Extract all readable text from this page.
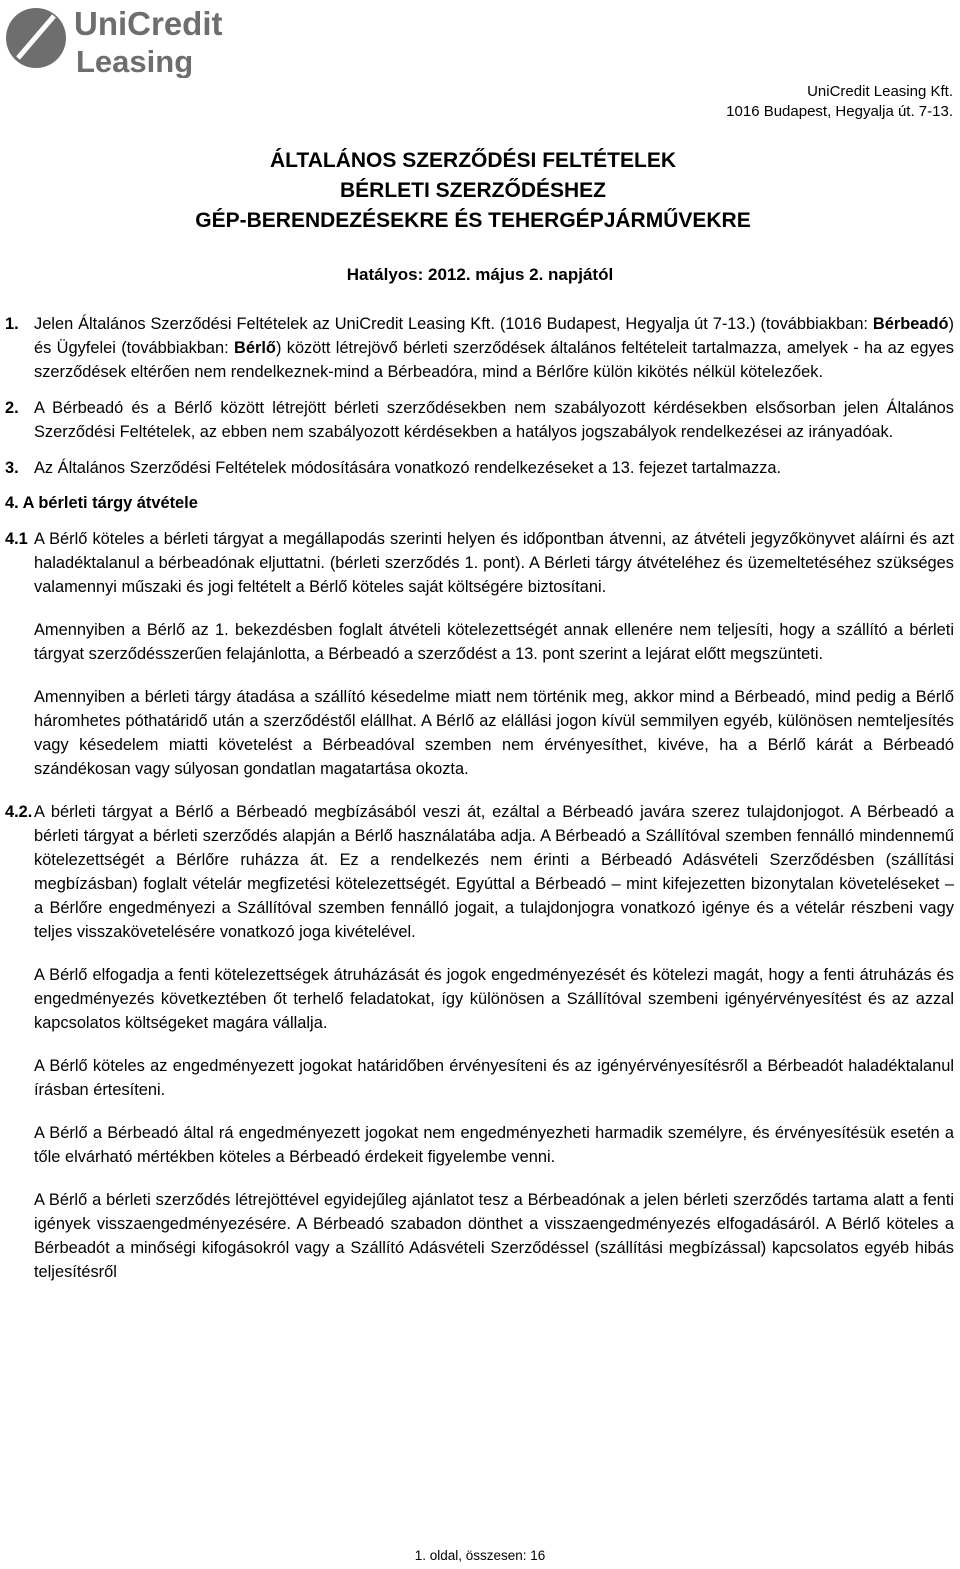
UniCredit
Leasing
UniCredit Leasing Kft.
1016 Budapest, Hegyalja út. 7-13.
ÁLTALÁNOS SZERZŐDÉSI FELTÉTELEK
BÉRLETI SZERZŐDÉSHEZ
GÉP-BERENDEZÉSEKRE ÉS TEHERGÉPJÁRMŰVEKRE
Hatályos: 2012. május 2. napjától
1. Jelen Általános Szerződési Feltételek az UniCredit Leasing Kft. (1016 Budapest, Hegyalja út 7-13.) (továbbiakban: Bérbeadó) és Ügyfelei (továbbiakban: Bérlő) között létrejövő bérleti szerződések általános feltételeit tartalmazza, amelyek - ha az egyes szerződések eltérően nem rendelkeznek-mind a Bérbeadóra, mind a Bérlőre külön kikötés nélkül kötelezőek.
2. A Bérbeadó és a Bérlő között létrejött bérleti szerződésekben nem szabályozott kérdésekben elsősorban jelen Általános Szerződési Feltételek, az ebben nem szabályozott kérdésekben a hatályos jogszabályok rendelkezései az irányadóak.
3. Az Általános Szerződési Feltételek módosítására vonatkozó rendelkezéseket a 13. fejezet tartalmazza.
4. A bérleti tárgy átvétele
4.1 A Bérlő köteles a bérleti tárgyat a megállapodás szerinti helyen és időpontban átvenni, az átvételi jegyzőkönyvet aláírni és azt haladéktalanul a bérbeadónak eljuttatni. (bérleti szerződés 1. pont). A Bérleti tárgy átvételéhez és üzemeltetéséhez szükséges valamennyi műszaki és jogi feltételt a Bérlő köteles saját költségére biztosítani.
Amennyiben a Bérlő az 1. bekezdésben foglalt átvételi kötelezettségét annak ellenére nem teljesíti, hogy a szállító a bérleti tárgyat szerződésszerűen felajánlotta, a Bérbeadó a szerződést a 13. pont szerint a lejárat előtt megszünteti.
Amennyiben a bérleti tárgy átadása a szállító késedelme miatt nem történik meg, akkor mind a Bérbeadó, mind pedig a Bérlő háromhetes póthatáridő után a szerződéstől elállhat. A Bérlő az elállási jogon kívül semmilyen egyéb, különösen nemteljesítés vagy késedelem miatti követelést a Bérbeadóval szemben nem érvényesíthet, kivéve, ha a Bérlő kárát a Bérbeadó szándékosan vagy súlyosan gondatlan magatartása okozta.
4.2. A bérleti tárgyat a Bérlő a Bérbeadó megbízásából veszi át, ezáltal a Bérbeadó javára szerez tulajdonjogot. A Bérbeadó a bérleti tárgyat a bérleti szerződés alapján a Bérlő használatába adja. A Bérbeadó a Szállítóval szemben fennálló mindennemű kötelezettségét a Bérlőre ruházza át. Ez a rendelkezés nem érinti a Bérbeadó Adásvételi Szerződésben (szállítási megbízásban) foglalt vételár megfizetési kötelezettségét. Egyúttal a Bérbeadó – mint kifejezetten bizonytalan követeléseket – a Bérlőre engedményezi a Szállítóval szemben fennálló jogait, a tulajdonjogra vonatkozó igénye és a vételár részbeni vagy teljes visszakövetelésére vonatkozó joga kivételével.
A Bérlő elfogadja a fenti kötelezettségek átruházását és jogok engedményezését és kötelezi magát, hogy a fenti átruházás és engedményezés következtében őt terhelő feladatokat, így különösen a Szállítóval szembeni igényérvényesítést és az azzal kapcsolatos költségeket magára vállalja.
A Bérlő köteles az engedményezett jogokat határidőben érvényesíteni és az igényérvényesítésről a Bérbeadót haladéktalanul írásban értesíteni.
A Bérlő a Bérbeadó által rá engedményezett jogokat nem engedményezheti harmadik személyre, és érvényesítésük esetén a tőle elvárható mértékben köteles a Bérbeadó érdekeit figyelembe venni.
A Bérlő a bérleti szerződés létrejöttével egyidejűleg ajánlatot tesz a Bérbeadónak a jelen bérleti szerződés tartama alatt a fenti igények visszaengedményezésére. A Bérbeadó szabadon dönthet a visszaengedményezés elfogadásáról. A Bérlő köteles a Bérbeadót a minőségi kifogásokról vagy a Szállító Adásvételi Szerződéssel (szállítási megbízással) kapcsolatos egyéb hibás teljesítésről
1. oldal, összesen: 16
